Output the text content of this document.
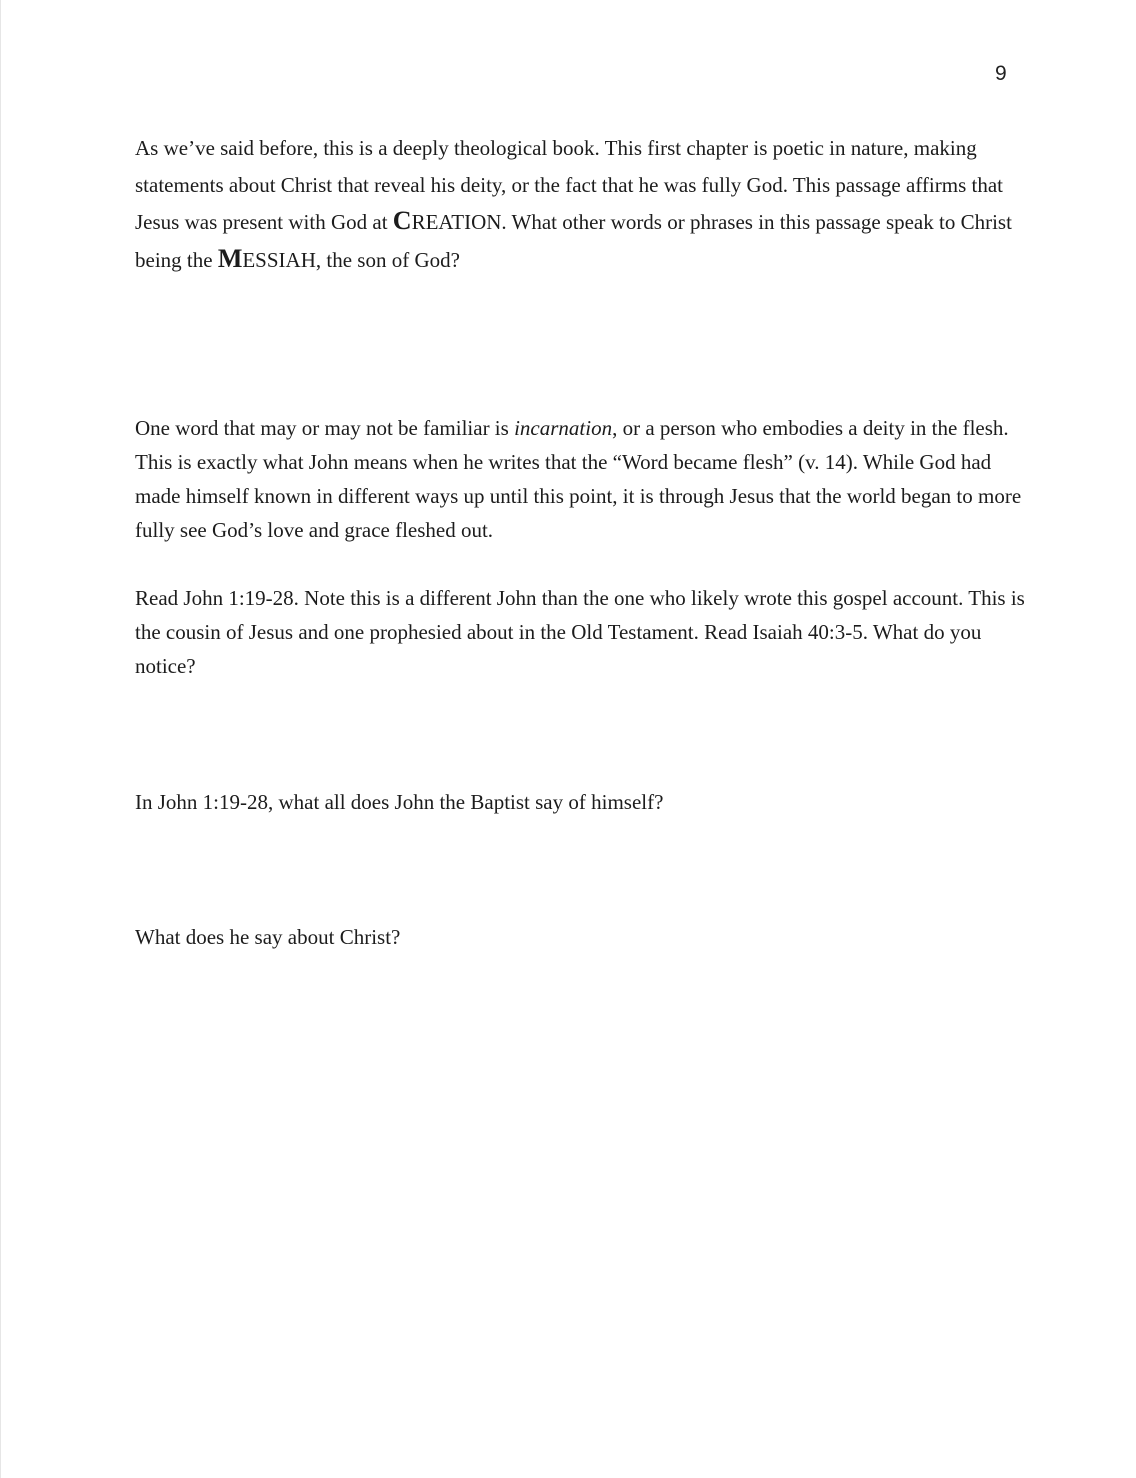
9

As we’ve said before, this is a deeply theological book. This first chapter is poetic in nature, making statements about Christ that reveal his deity, or the fact that he was fully God. This passage affirms that Jesus was present with God at CREATION. What other words or phrases in this passage speak to Christ being the MESSIAH, the son of God?

One word that may or may not be familiar is incarnation, or a person who embodies a deity in the flesh. This is exactly what John means when he writes that the “Word became flesh” (v. 14). While God had made himself known in different ways up until this point, it is through Jesus that the world began to more fully see God’s love and grace fleshed out.

Read John 1:19-28. Note this is a different John than the one who likely wrote this gospel account. This is the cousin of Jesus and one prophesied about in the Old Testament. Read Isaiah 40:3-5. What do you notice?

In John 1:19-28, what all does John the Baptist say of himself?

What does he say about Christ?
